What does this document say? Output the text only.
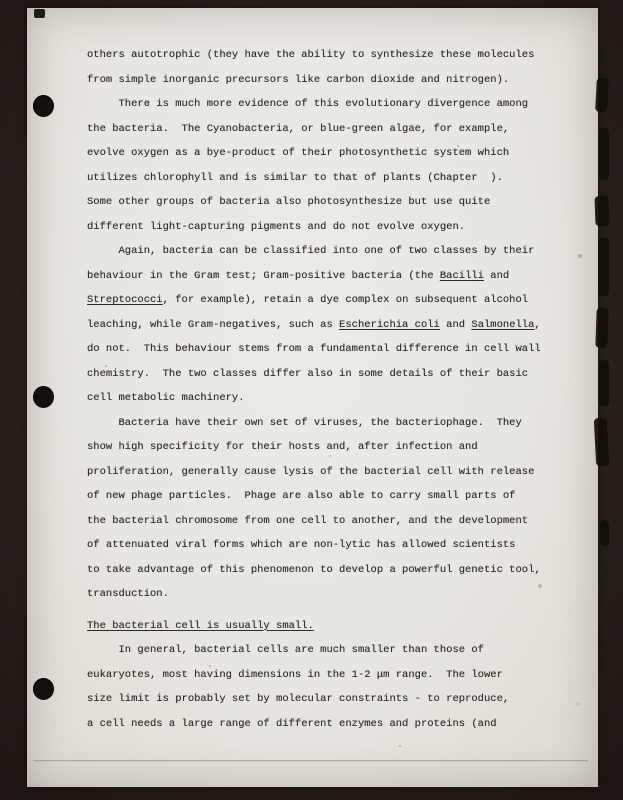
others autotrophic (they have the ability to synthesize these molecules
from simple inorganic precursors like carbon dioxide and nitrogen).
There is much more evidence of this evolutionary divergence among
the bacteria.  The Cyanobacteria, or blue-green algae, for example,
evolve oxygen as a bye-product of their photosynthetic system which
utilizes chlorophyll and is similar to that of plants (Chapter  ).
Some other groups of bacteria also photosynthesize but use quite
different light-capturing pigments and do not evolve oxygen.
Again, bacteria can be classified into one of two classes by their
behaviour in the Gram test; Gram-positive bacteria (the Bacilli and
Streptococci, for example), retain a dye complex on subsequent alcohol
leaching, while Gram-negatives, such as Escherichia coli and Salmonella,
do not.  This behaviour stems from a fundamental difference in cell wall
chemistry.  The two classes differ also in some details of their basic
cell metabolic machinery.
Bacteria have their own set of viruses, the bacteriophage.  They
show high specificity for their hosts and, after infection and
proliferation, generally cause lysis of the bacterial cell with release
of new phage particles.  Phage are also able to carry small parts of
the bacterial chromosome from one cell to another, and the development
of attenuated viral forms which are non-lytic has allowed scientists
to take advantage of this phenomenon to develop a powerful genetic tool,
transduction.
The bacterial cell is usually small.
In general, bacterial cells are much smaller than those of
eukaryotes, most having dimensions in the 1-2 μm range.  The lower
size limit is probably set by molecular constraints - to reproduce,
a cell needs a large range of different enzymes and proteins (and
